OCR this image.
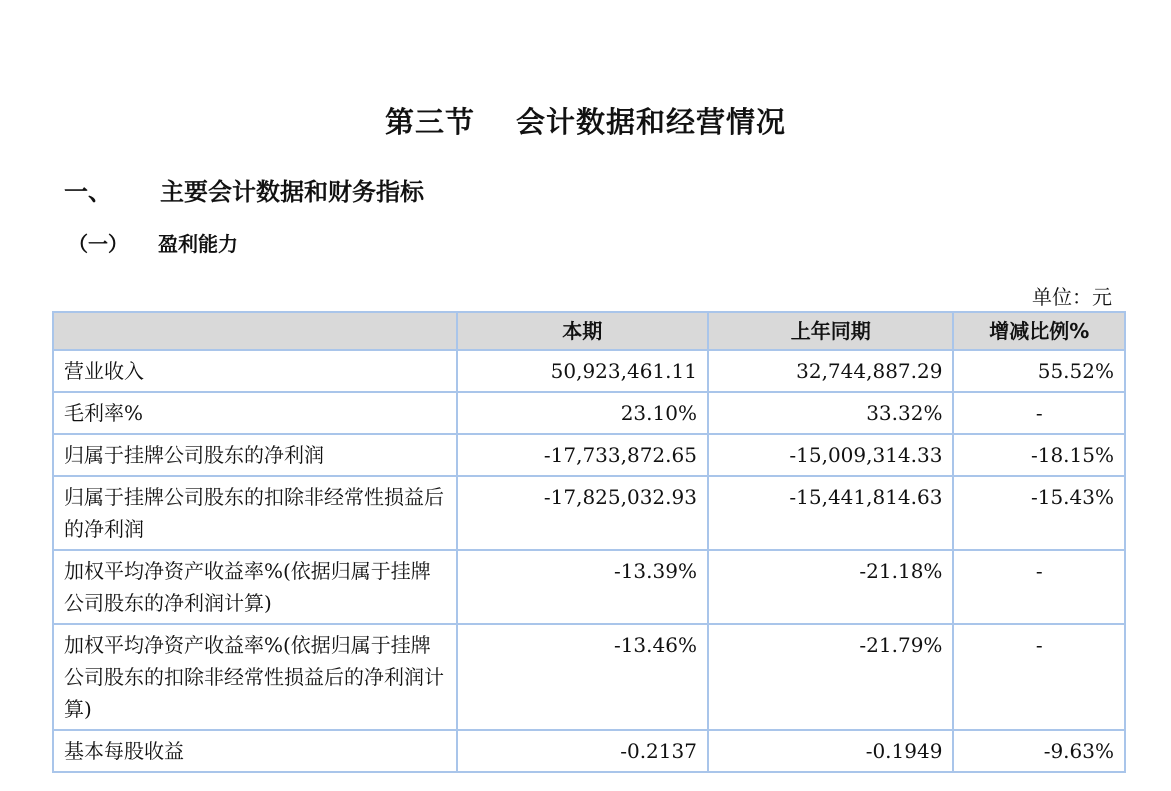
第三节 　会计数据和经营情况
一、	主要会计数据和财务指标
（一）	盈利能力
单位：元
	本期	上年同期	增减比例%
营业收入	50,923,461.11	32,744,887.29	55.52%
毛利率%	23.10%	33.32%	-
归属于挂牌公司股东的净利润	-17,733,872.65	-15,009,314.33	-18.15%
归属于挂牌公司股东的扣除非经常性损益后的净利润	-17,825,032.93	-15,441,814.63	-15.43%
加权平均净资产收益率%(依据归属于挂牌公司股东的净利润计算)	-13.39%	-21.18%	-
加权平均净资产收益率%(依据归属于挂牌公司股东的扣除非经常性损益后的净利润计算)	-13.46%	-21.79%	-
基本每股收益	-0.2137	-0.1949	-9.63%
